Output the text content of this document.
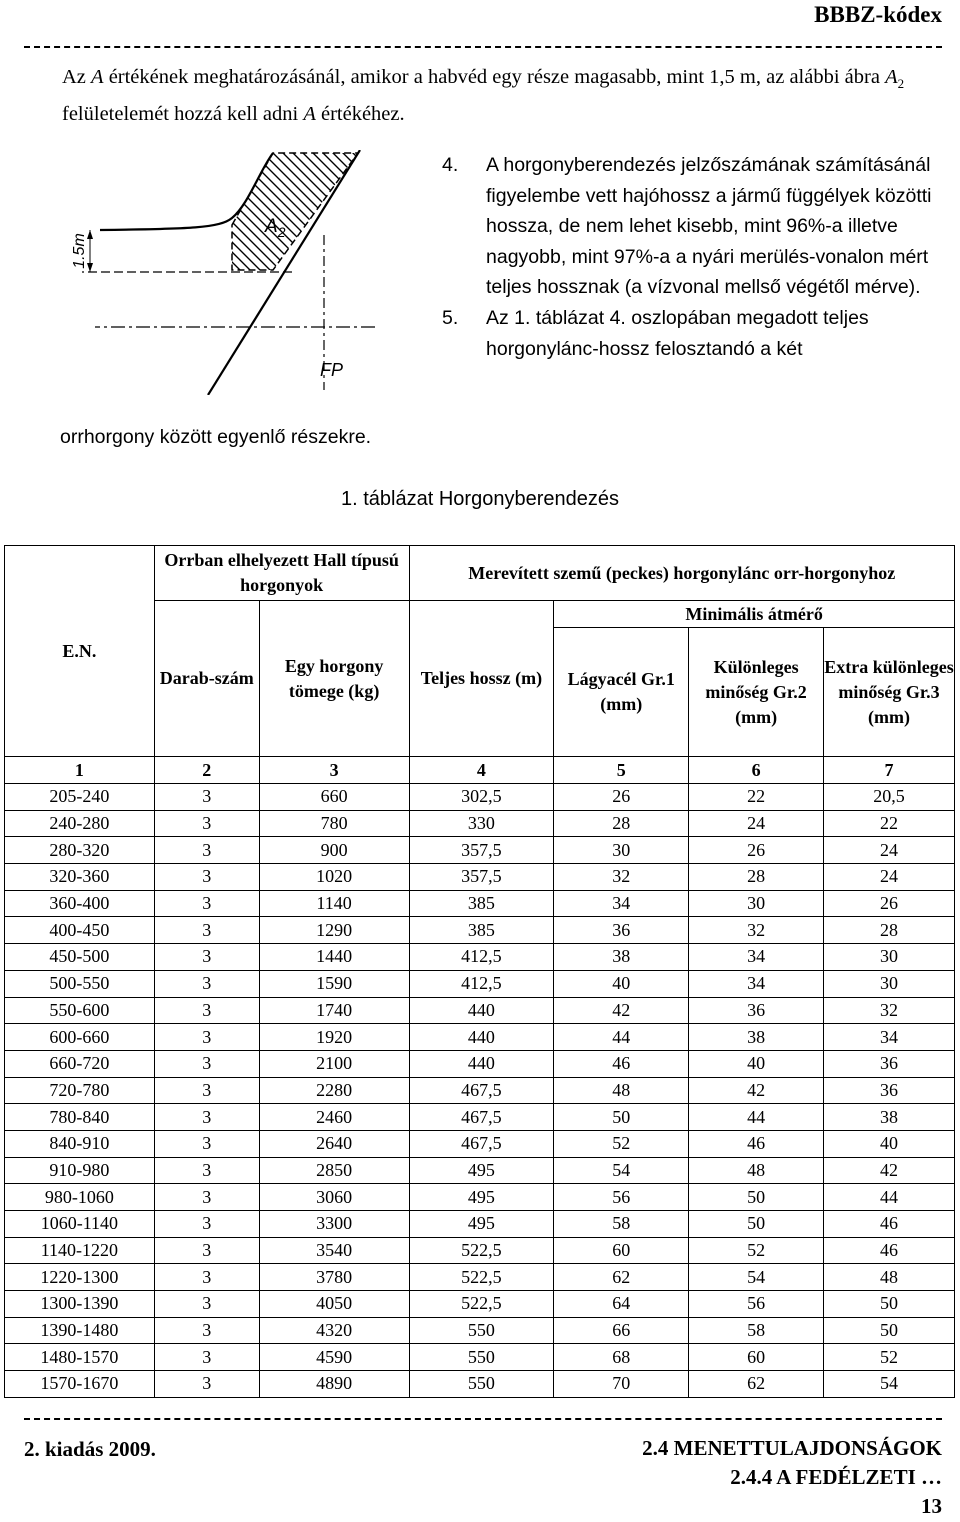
BBBZ-kódex
Az A értékének meghatározásánál, amikor a habvéd egy része magasabb, mint 1,5 m, az alábbi ábra $A_2$ felületelemét hozzá kell adni A értékéhez.
1.5m
$A_2$
FP
4.	A horgonyberendezés jelzőszámának számításánál figyelembe vett hajóhossz a jármű függélyek közötti hossza, de nem lehet kisebb, mint 96%-a illetve nagyobb, mint 97%-a a nyári merülés-vonalon mért teljes hossznak (a vízvonal mellső végétől mérve).
5.	Az 1. táblázat 4. oszlopában megadott teljes horgonylánc-hossz felosztandó a két
orrhorgony között egyenlő részekre.
1. táblázat Horgonyberendezés
E.N.	Orrban elhelyezett Hall típusú horgonyok		Merevített szemű (peckes) horgonylánc orr-horgonyhoz			
	Darab-szám	Egy horgony tömege (kg)	Teljes hossz (m)	Minimális átmérő		
				Lágyacél Gr.1 (mm)	Különleges minőség Gr.2 (mm)	Extra különleges minőség Gr.3 (mm)
1	2	3	4	5	6	7
205-240	3	660	302,5	26	22	20,5
240-280	3	780	330	28	24	22
280-320	3	900	357,5	30	26	24
320-360	3	1020	357,5	32	28	24
360-400	3	1140	385	34	30	26
400-450	3	1290	385	36	32	28
450-500	3	1440	412,5	38	34	30
500-550	3	1590	412,5	40	34	30
550-600	3	1740	440	42	36	32
600-660	3	1920	440	44	38	34
660-720	3	2100	440	46	40	36
720-780	3	2280	467,5	48	42	36
780-840	3	2460	467,5	50	44	38
840-910	3	2640	467,5	52	46	40
910-980	3	2850	495	54	48	42
980-1060	3	3060	495	56	50	44
1060-1140	3	3300	495	58	50	46
1140-1220	3	3540	522,5	60	52	46
1220-1300	3	3780	522,5	62	54	48
1300-1390	3	4050	522,5	64	56	50
1390-1480	3	4320	550	66	58	50
1480-1570	3	4590	550	68	60	52
1570-1670	3	4890	550	70	62	54
2. kiadás 2009.	2.4 MENETTULAJDONSÁGOK
2.4.4 A FEDÉLZETI …
13
